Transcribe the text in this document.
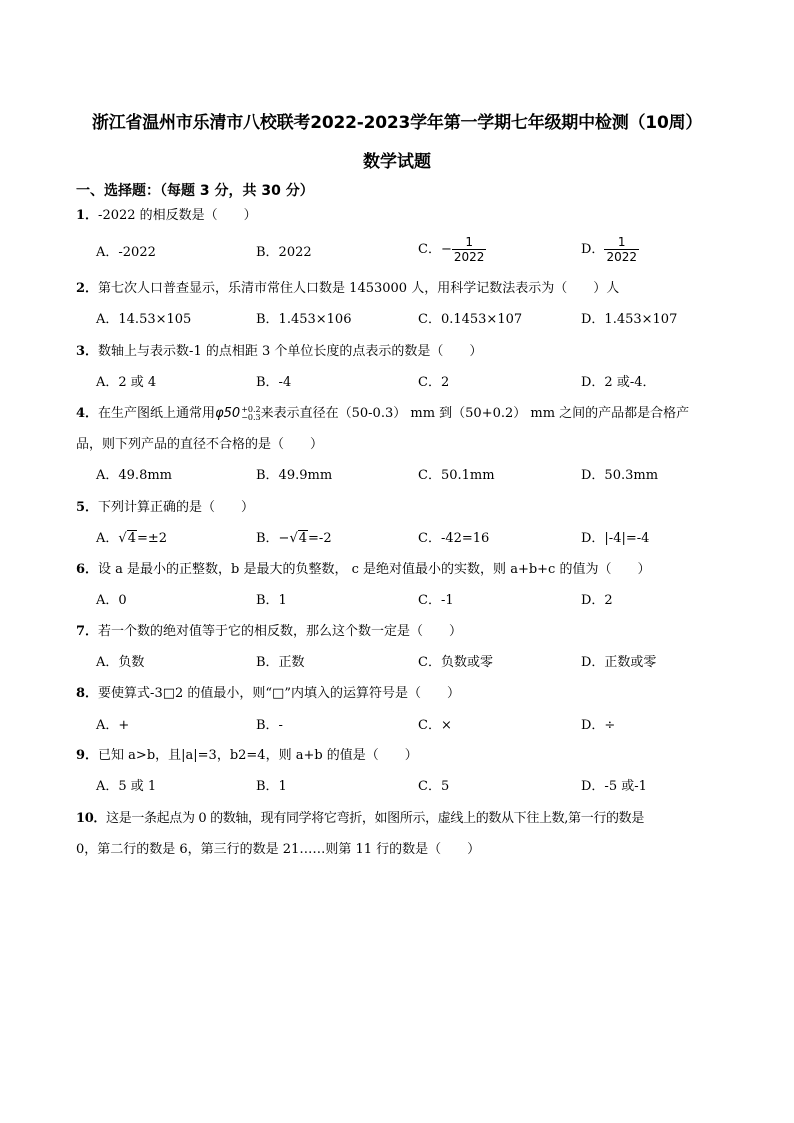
浙江省温州市乐清市八校联考2022-2023学年第一学期七年级期中检测（10周）
数学试题
一、选择题：（每题 3 分，共 30 分）
1．-2022 的相反数是（　　）
A．-2022	B．2022	C．− $\frac{1}{2022}$	D． $\frac{1}{2022}$
2．第七次人口普查显示，乐清市常住人口数是 1453000 人，用科学记数法表示为（　　）人
A．14.53×105	B．1.453×106	C．0.1453×107	D．1.453×107
3．数轴上与表示数-1 的点相距 3 个单位长度的点表示的数是（　　）
A．2 或 4	B．-4	C．2	D．2 或-4．
4．在生产图纸上通常用φ50 +0.2
−0.3 来表示直径在（50-0.3） mm 到（50+0.2） mm 之间的产品都是合格产
品，则下列产品的直径不合格的是（　　）
A．49.8mm	B．49.9mm	C．50.1mm	D．50.3mm
5．下列计算正确的是（　　）
A．√4=±2	B．−√4=-2	C．-42=16	D．|-4|=-4
6．设 a 是最小的正整数，b 是最大的负整数， c 是绝对值最小的实数，则 a+b+c 的值为（　　）
A．0	B．1	C．-1	D．2
7．若一个数的绝对值等于它的相反数，那么这个数一定是（　　）
A．负数	B．正数	C．负数或零	D．正数或零
8．要使算式-3□2 的值最小，则“□”内填入的运算符号是（　　）
A．+	B．-	C．×	D．÷
9．已知 a>b，且|a|=3，b2=4，则 a+b 的值是（　　）
A．5 或 1	B．1	C．5	D．-5 或-1
10．这是一条起点为 0 的数轴，现有同学将它弯折，如图所示，虚线上的数从下往上数,第一行的数是
0，第二行的数是 6，第三行的数是 21……则第 11 行的数是（　　）
